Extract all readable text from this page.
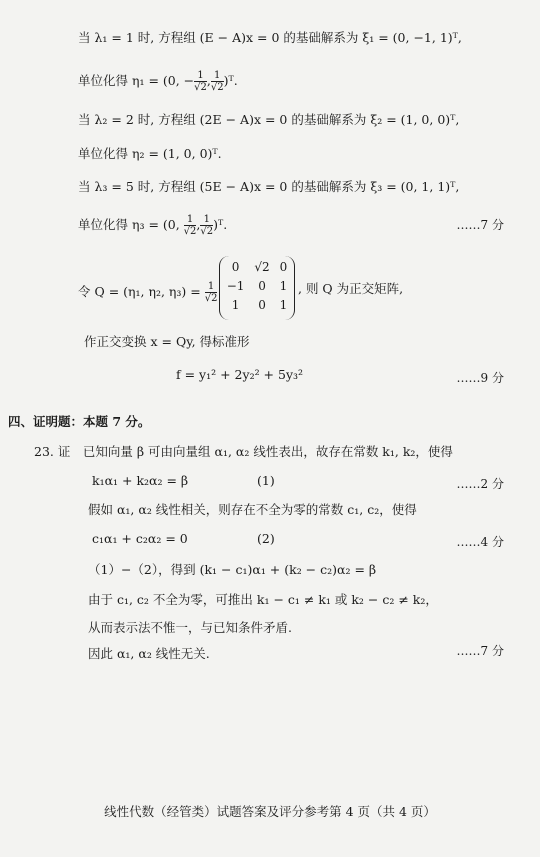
当 λ₁ = 1 时, 方程组 (E − A)x = 0 的基础解系为 ξ₁ = (0, −1, 1)ᵀ,
单位化得 η₁ = (0, − $\frac{1}{√2}$ , $\frac{1}{√2}$ )ᵀ.
当 λ₂ = 2 时, 方程组 (2E − A)x = 0 的基础解系为 ξ₂ = (1, 0, 0)ᵀ,
单位化得 η₂ = (1, 0, 0)ᵀ.
当 λ₃ = 5 时, 方程组 (5E − A)x = 0 的基础解系为 ξ₃ = (0, 1, 1)ᵀ,
单位化得 η₃ = (0, $\frac{1}{√2}$ , $\frac{1}{√2}$ )ᵀ.	……7 分
令 Q = (η₁, η₂, $\eta_3) = \frac{1}{√2}$
0	√2	0
−1	0	1
1	0	1
, 则 Q 为正交矩阵,
作正交变换 x = Qy, 得标准形
f = y₁² + 2y₂² + 5y₃²	……9 分
四、证明题：本题 7 分。
23. 证　已知向量 β 可由向量组 α₁, α₂ 线性表出，故存在常数 k₁, k₂，使得
k₁α₁ + k₂α₂ = β	(1)	……2 分
假如 α₁, α₂ 线性相关，则存在不全为零的常数 c₁, c₂，使得
c₁α₁ + c₂α₂ = 0	(2)	……4 分
（1）−（2），得到 (k₁ − c₁)α₁ + (k₂ − c₂)α₂ = β
由于 c₁, c₂ 不全为零，可推出 k₁ − c₁ ≠ k₁ 或 k₂ − c₂ ≠ k₂，
从而表示法不惟一，与已知条件矛盾.
因此 α₁, α₂ 线性无关.	……7 分
线性代数（经管类）试题答案及评分参考第 4 页（共 4 页）
